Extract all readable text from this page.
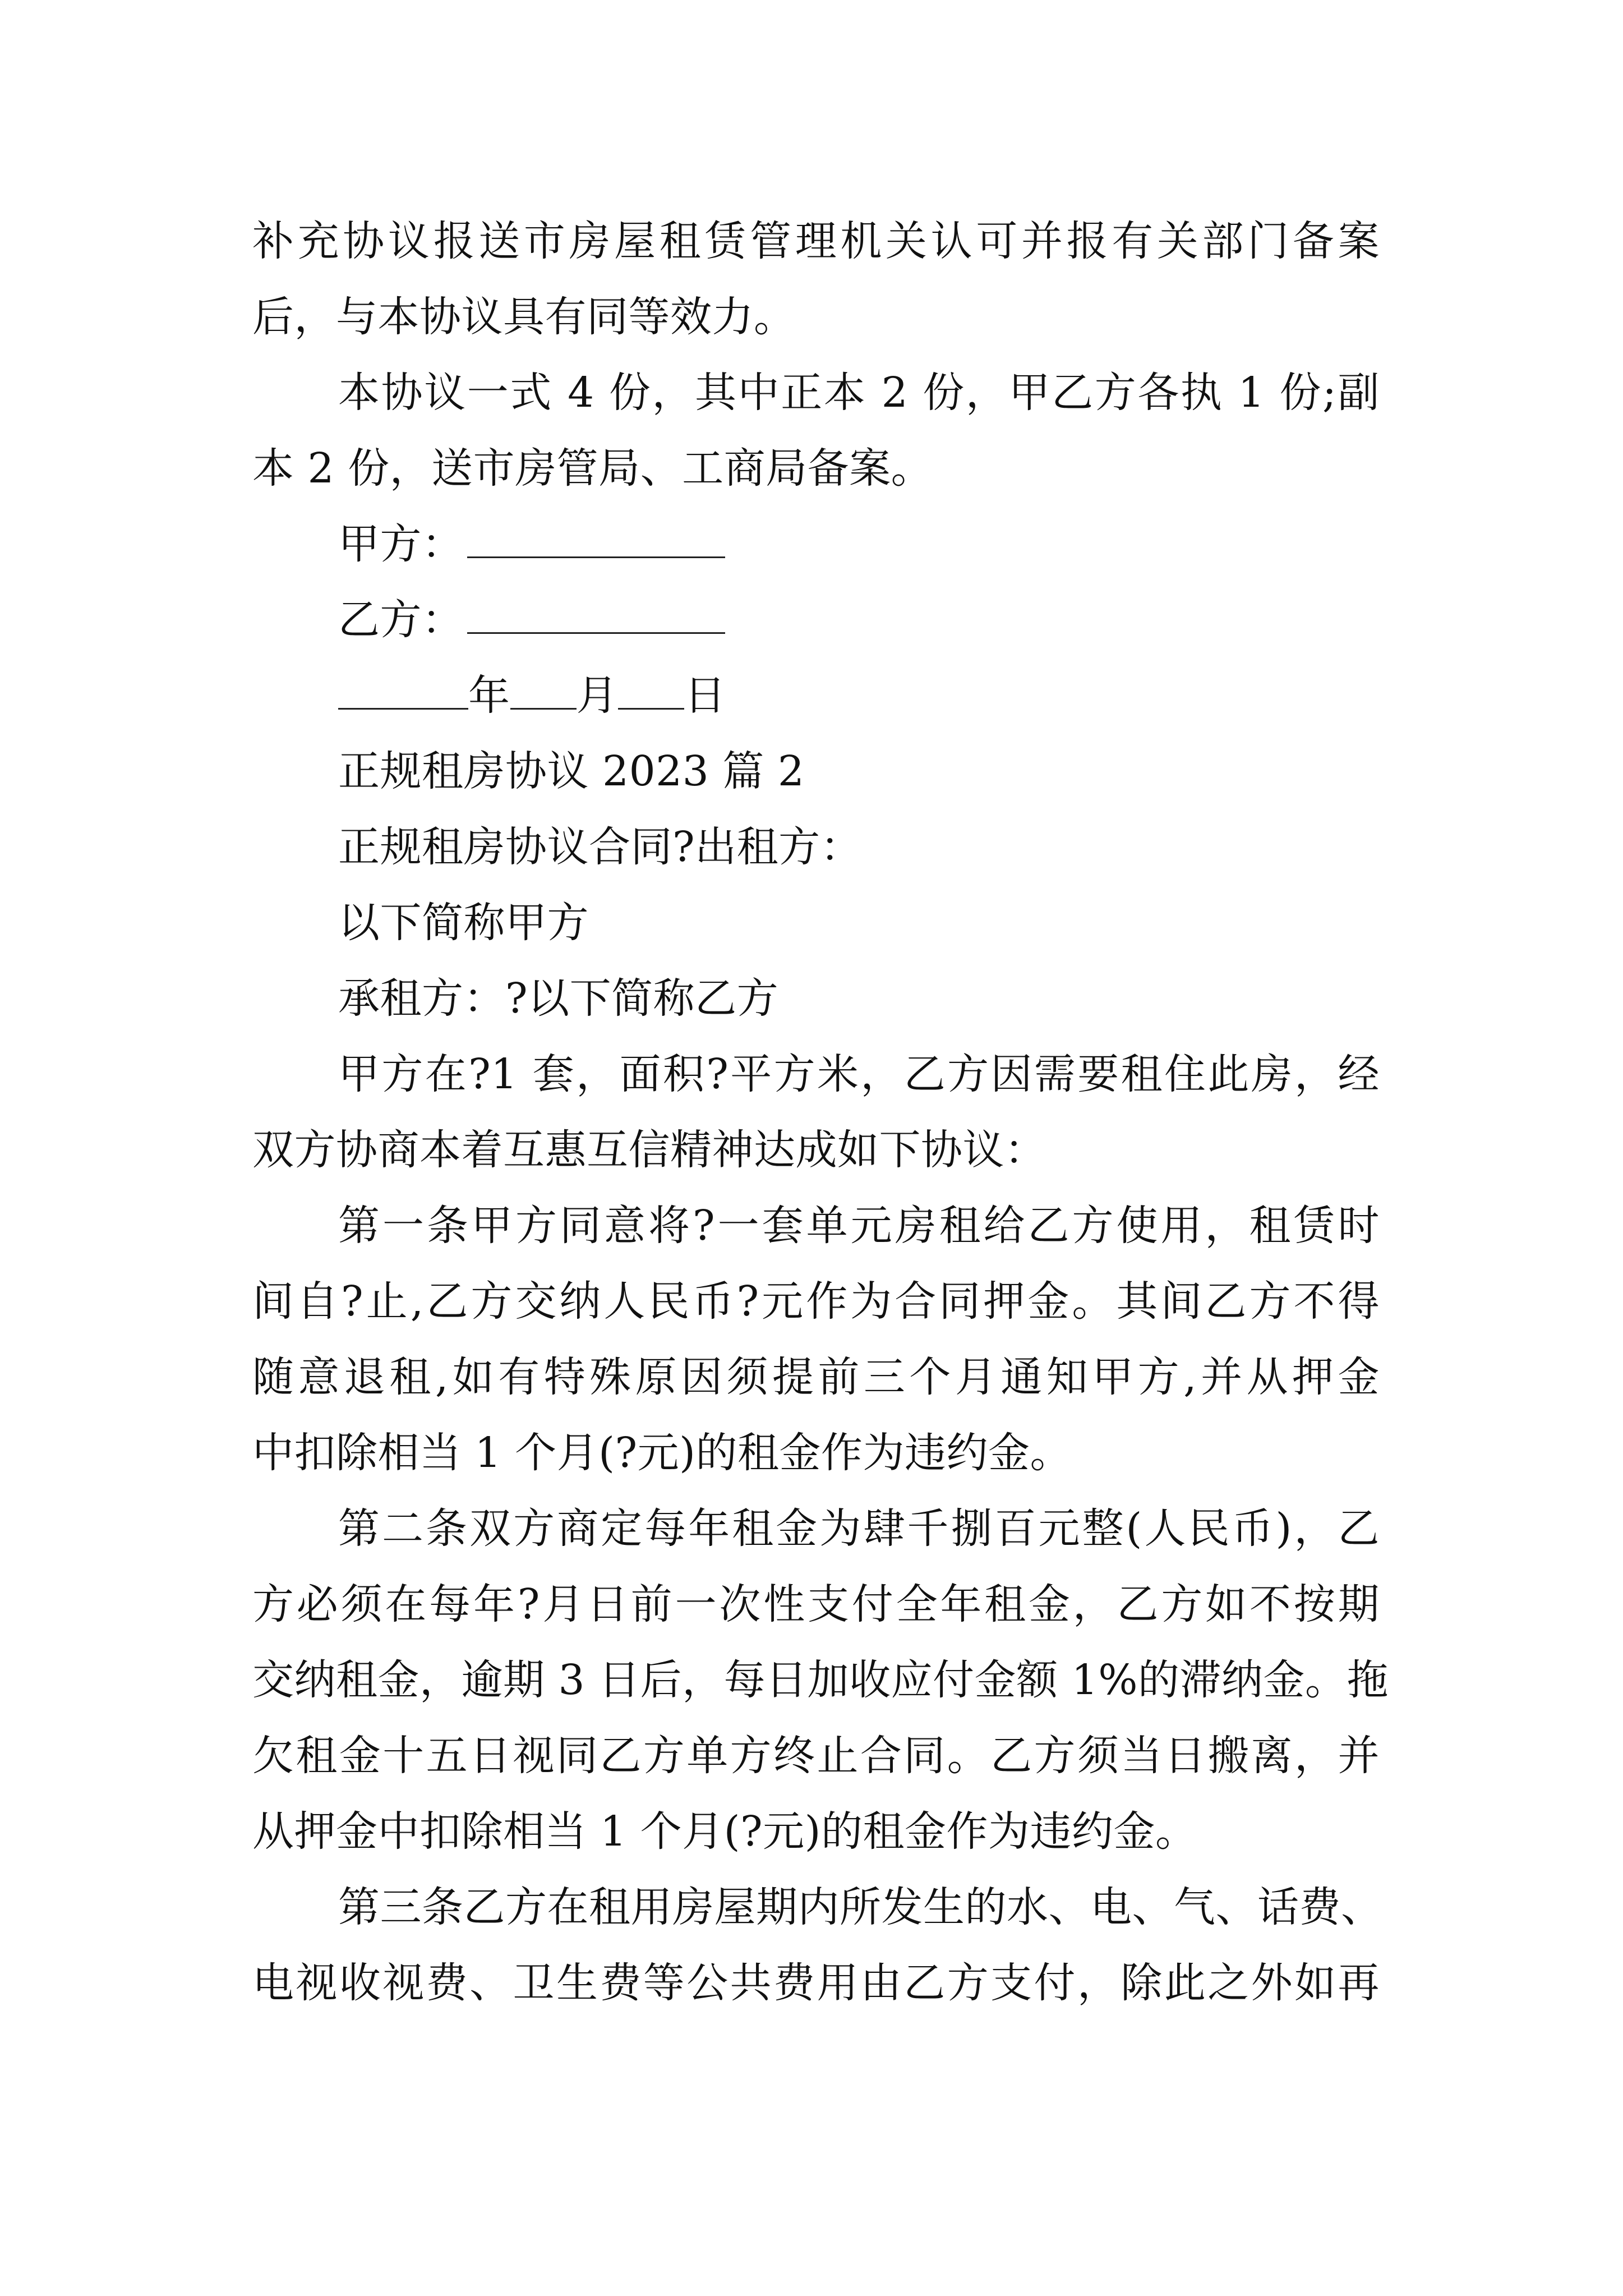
补充协议报送市房屋租赁管理机关认可并报有关部门备案
后，与本协议具有同等效力。
本协议一式 4 份，其中正本 2 份，甲乙方各执 1 份;副
本 2 份，送市房管局、工商局备案。
甲方：
乙方：
年 月 日
正规租房协议 2023 篇 2
正规租房协议合同?出租方：
以下简称甲方
承租方：?以下简称乙方
甲方在?1 套，面积?平方米，乙方因需要租住此房，经
双方协商本着互惠互信精神达成如下协议：
第一条甲方同意将?一套单元房租给乙方使用，租赁时
间自?止,乙方交纳人民币?元作为合同押金。其间乙方不得
随意退租,如有特殊原因须提前三个月通知甲方,并从押金
中扣除相当 1 个月(?元)的租金作为违约金。
第二条双方商定每年租金为肆千捌百元整(人民币)，乙
方必须在每年?月日前一次性支付全年租金，乙方如不按期
交纳租金，逾期 3 日后，每日加收应付金额 1%的滞纳金。拖
欠租金十五日视同乙方单方终止合同。乙方须当日搬离，并
从押金中扣除相当 1 个月(?元)的租金作为违约金。
第三条乙方在租用房屋期内所发生的水、电、气、话费、
电视收视费、卫生费等公共费用由乙方支付，除此之外如再
